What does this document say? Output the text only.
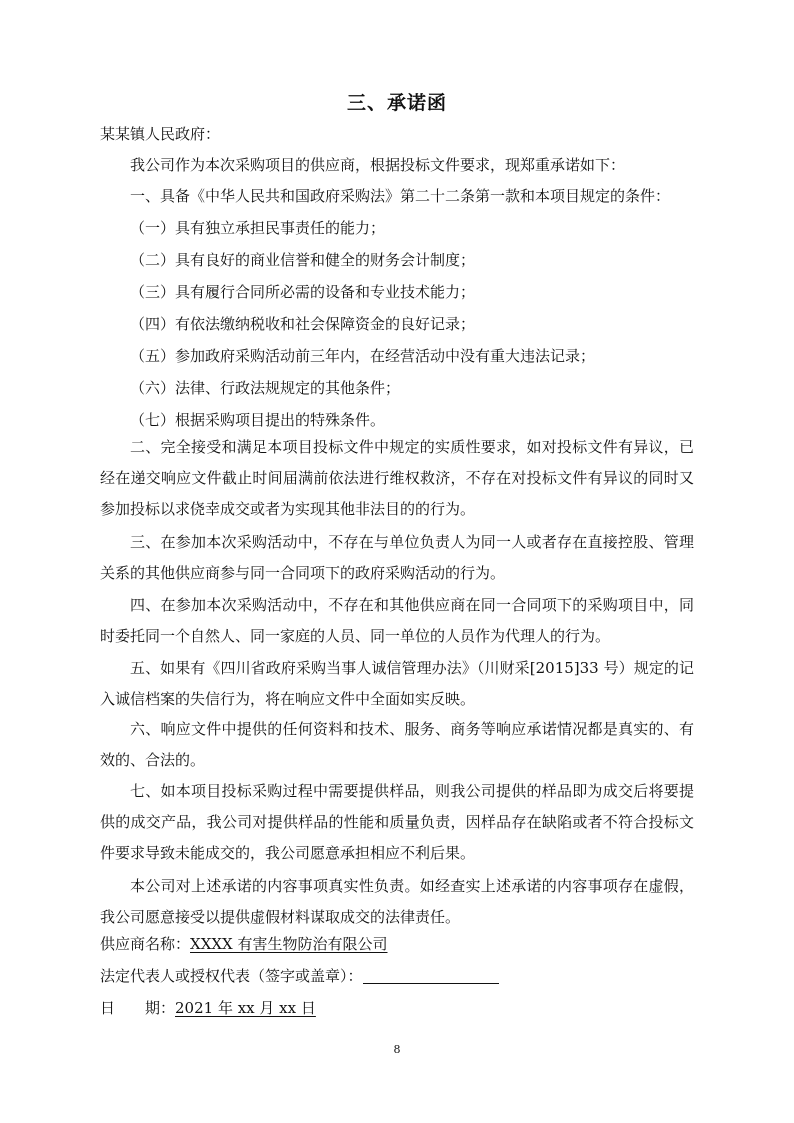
三、承诺函
某某镇人民政府：
我公司作为本次采购项目的供应商，根据投标文件要求，现郑重承诺如下：
一、具备《中华人民共和国政府采购法》第二十二条第一款和本项目规定的条件：
（一）具有独立承担民事责任的能力；
（二）具有良好的商业信誉和健全的财务会计制度；
（三）具有履行合同所必需的设备和专业技术能力；
（四）有依法缴纳税收和社会保障资金的良好记录；
（五）参加政府采购活动前三年内，在经营活动中没有重大违法记录；
（六）法律、行政法规规定的其他条件；
（七）根据采购项目提出的特殊条件。
二、完全接受和满足本项目投标文件中规定的实质性要求，如对投标文件有异议，已经在递交响应文件截止时间届满前依法进行维权救济，不存在对投标文件有异议的同时又参加投标以求侥幸成交或者为实现其他非法目的的行为。
三、在参加本次采购活动中，不存在与单位负责人为同一人或者存在直接控股、管理关系的其他供应商参与同一合同项下的政府采购活动的行为。
四、在参加本次采购活动中，不存在和其他供应商在同一合同项下的采购项目中，同时委托同一个自然人、同一家庭的人员、同一单位的人员作为代理人的行为。
五、如果有《四川省政府采购当事人诚信管理办法》（川财采[2015]33 号）规定的记入诚信档案的失信行为，将在响应文件中全面如实反映。
六、响应文件中提供的任何资料和技术、服务、商务等响应承诺情况都是真实的、有效的、合法的。
七、如本项目投标采购过程中需要提供样品，则我公司提供的样品即为成交后将要提供的成交产品，我公司对提供样品的性能和质量负责，因样品存在缺陷或者不符合投标文件要求导致未能成交的，我公司愿意承担相应不利后果。
本公司对上述承诺的内容事项真实性负责。如经查实上述承诺的内容事项存在虚假，我公司愿意接受以提供虚假材料谋取成交的法律责任。
供应商名称：XXXX 有害生物防治有限公司
法定代表人或授权代表（签字或盖章）：
日　　期：2021 年 xx 月 xx 日
8
